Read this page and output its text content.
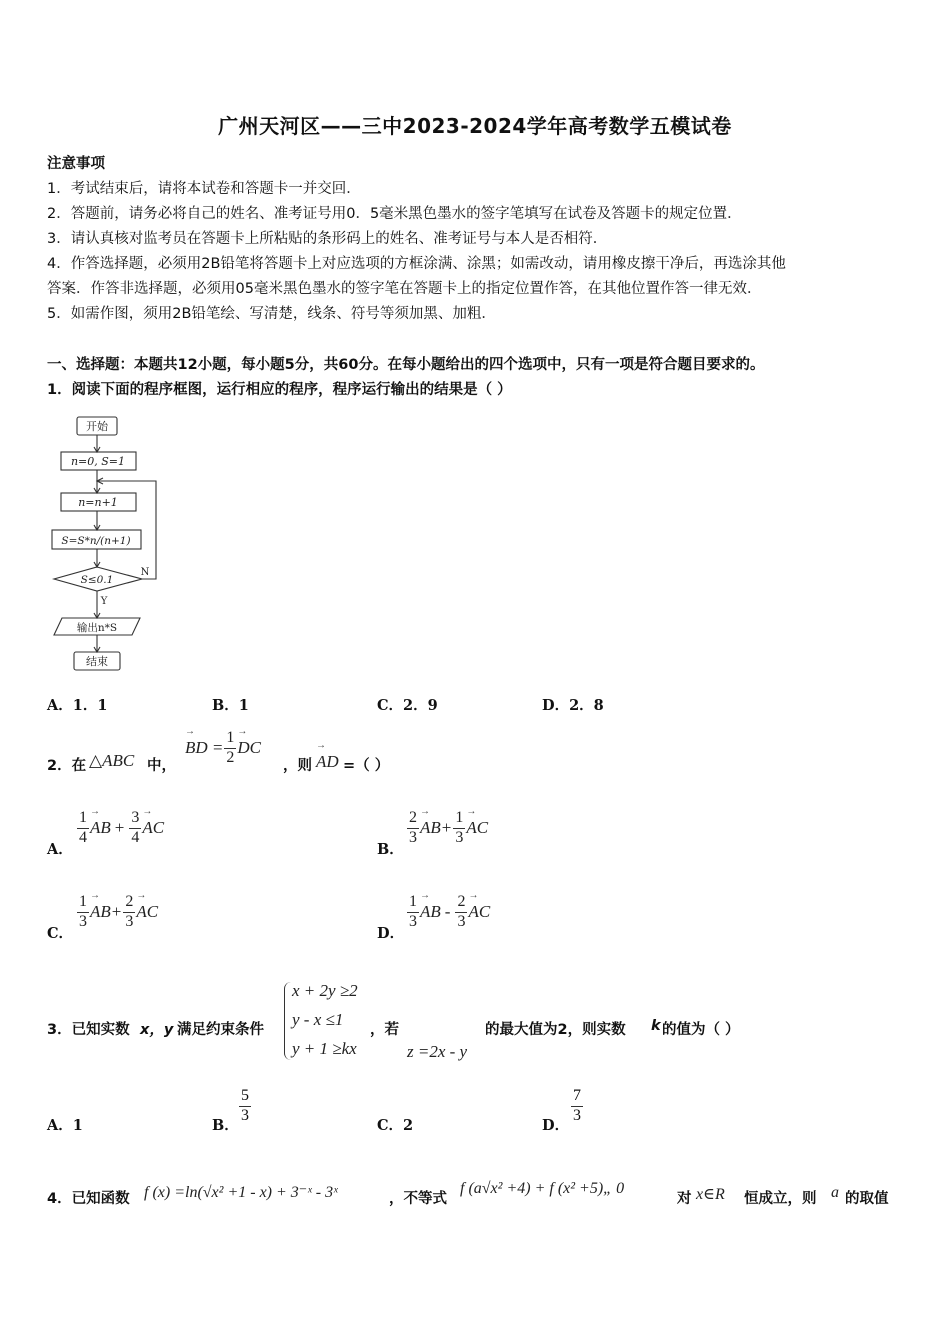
广州天河区——三中2023-2024学年高考数学五模试卷
注意事项
1．考试结束后，请将本试卷和答题卡一并交回．
2．答题前，请务必将自己的姓名、准考证号用0．5毫米黑色墨水的签字笔填写在试卷及答题卡的规定位置．
3．请认真核对监考员在答题卡上所粘贴的条形码上的姓名、准考证号与本人是否相符．
4．作答选择题，必须用2B铅笔将答题卡上对应选项的方框涂满、涂黑；如需改动，请用橡皮擦干净后，再选涂其他
答案．作答非选择题，必须用05毫米黑色墨水的签字笔在答题卡上的指定位置作答，在其他位置作答一律无效．
5．如需作图，须用2B铅笔绘、写清楚，线条、符号等须加黑、加粗．
一、选择题：本题共12小题，每小题5分，共60分。在每小题给出的四个选项中，只有一项是符合题目要求的。
1．阅读下面的程序框图，运行相应的程序，程序运行输出的结果是（ ）
开始
n=0, S=1
n=n+1
S=S*n/(n+1)
S≤0.1
N
Y
输出n*S
结束
A．1．1	B．1	C．2．9	D．2．8
2．在 △ABC 中，
→ BD = $\frac{1}{2}$ → DC
，则 → AD =（ ）
A．
$\frac{1}{4}$ → AB + $\frac{3}{4}$ → AC
B．
$\frac{2}{3}$ → AB + $\frac{1}{3}$ → AC
C．
$\frac{1}{3}$ → AB + $\frac{2}{3}$ → AC
D．
$\frac{1}{3}$ → AB - $\frac{2}{3}$ → AC
3．已知实数 x，y 满足约束条件
x + 2y ≥2
y - x ≤1
y + 1 ≥kx
，若
z =2x - y
的最大值为2，则实数 k 的值为（ ）
A．1	B．
$\frac{5}{3}$
C．2	D．
$\frac{7}{3}$
4．已知函数 f (x) =ln(√x² +1 - x) + 3⁻ˣ - 3ˣ	，不等式
f (a√x² +4) + f (x² +5)„ 0
对 x∈R 恒成立，则 a 的取值
